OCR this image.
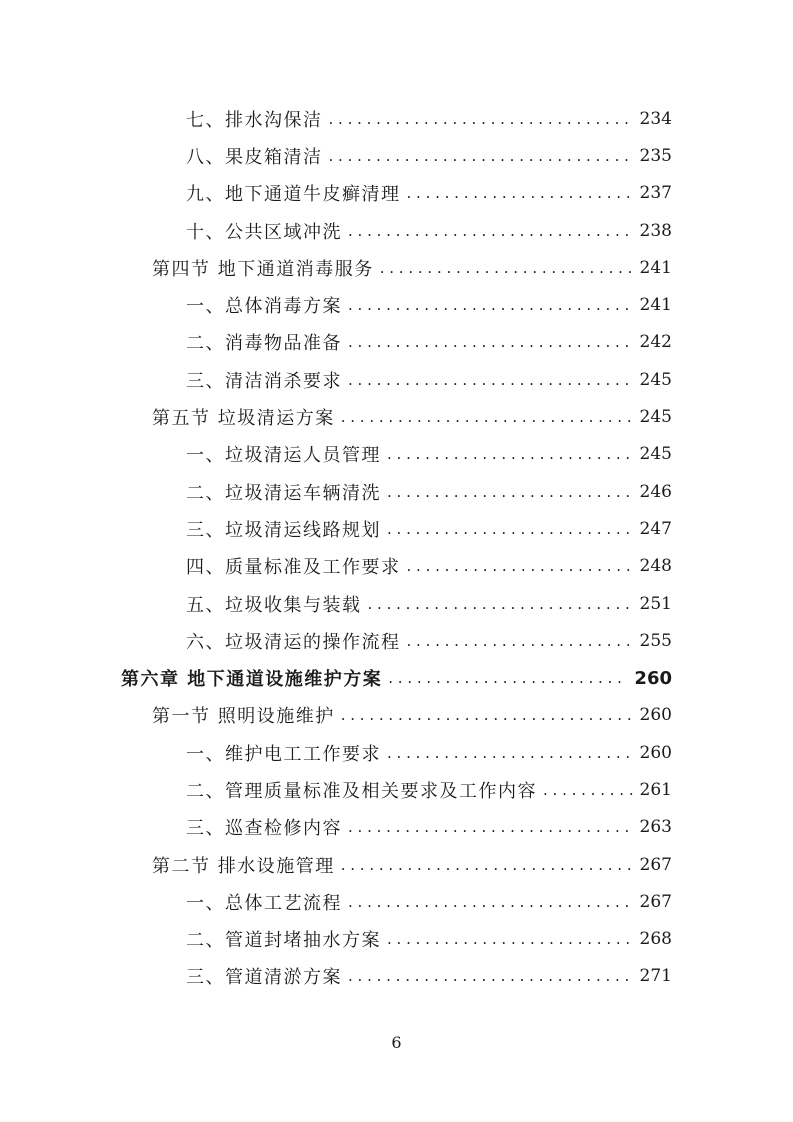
七、排水沟保洁 . . .	234
八、果皮箱清洁 . . .	235
九、地下通道牛皮癣清理 . . .	237
十、公共区域冲洗 . . .	238
第四节 地下通道消毒服务 . . .	241
一、总体消毒方案 . . .	241
二、消毒物品准备 . . .	242
三、清洁消杀要求 . . .	245
第五节 垃圾清运方案 . . .	245
一、垃圾清运人员管理 . . .	245
二、垃圾清运车辆清洗 . . .	246
三、垃圾清运线路规划 . . .	247
四、质量标准及工作要求 . . .	248
五、垃圾收集与装载 . . .	251
六、垃圾清运的操作流程 . . .	255
第六章 地下通道设施维护方案 . . .	260
第一节 照明设施维护 . . .	260
一、维护电工工作要求 . . .	260
二、管理质量标准及相关要求及工作内容 . . .	261
三、巡查检修内容 . . .	263
第二节 排水设施管理 . . .	267
一、总体工艺流程 . . .	267
二、管道封堵抽水方案 . . .	268
三、管道清淤方案 . . .	271
6
